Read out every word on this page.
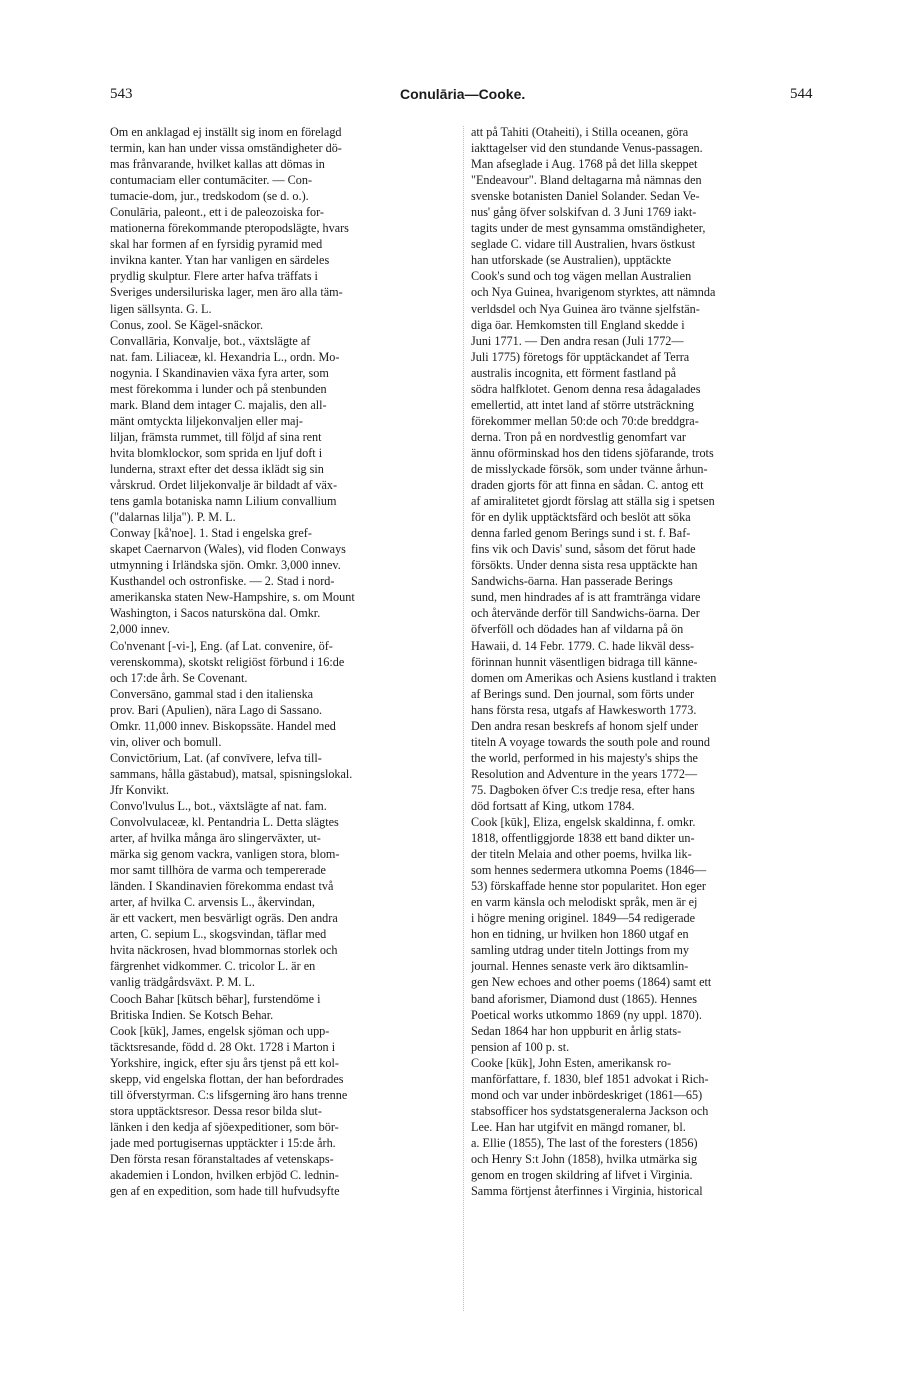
543	Conulāria—Cooke.	544
Om en anklagad ej inställt sig inom en förelagd
termin, kan han under vissa omständigheter dö-
mas frånvarande, hvilket kallas att dömas in
contumaciam eller contumāciter. — Con-
tumacie-dom, jur., tredskodom (se d. o.).
Conulāria, paleont., ett i de paleozoiska for-
mationerna förekommande pteropodslägte, hvars
skal har formen af en fyrsidig pyramid med
invikna kanter. Ytan har vanligen en särdeles
prydlig skulptur. Flere arter hafva träffats i
Sveriges undersiluriska lager, men äro alla täm-
ligen sällsynta. G. L.
Conus, zool. Se Kägel-snäckor.
Convallāria, Konvalje, bot., växtslägte af
nat. fam. Liliaceæ, kl. Hexandria L., ordn. Mo-
nogynia. I Skandinavien växa fyra arter, som
mest förekomma i lunder och på stenbunden
mark. Bland dem intager C. majalis, den all-
mänt omtyckta liljekonvaljen eller maj-
liljan, främsta rummet, till följd af sina rent
hvita blomklockor, som sprida en ljuf doft i
lunderna, straxt efter det dessa iklädt sig sin
vårskrud. Ordet liljekonvalje är bildadt af väx-
tens gamla botaniska namn Lilium convallium
("dalarnas lilja"). P. M. L.
Conway [kå'noe]. 1. Stad i engelska gref-
skapet Caernarvon (Wales), vid floden Conways
utmynning i Irländska sjön. Omkr. 3,000 innev.
Kusthandel och ostronfiske. — 2. Stad i nord-
amerikanska staten New-Hampshire, s. om Mount
Washington, i Sacos natursköna dal. Omkr.
2,000 innev.
Co'nvenant [-vi-], Eng. (af Lat. convenire, öf-
verenskomma), skotskt religiöst förbund i 16:de
och 17:de årh. Se Covenant.
Conversāno, gammal stad i den italienska
prov. Bari (Apulien), nära Lago di Sassano.
Omkr. 11,000 innev. Biskopssäte. Handel med
vin, oliver och bomull.
Convictōrium, Lat. (af convīvere, lefva till-
sammans, hålla gästabud), matsal, spisningslokal.
Jfr Konvikt.
Convo'lvulus L., bot., växtslägte af nat. fam.
Convolvulaceæ, kl. Pentandria L. Detta slägtes
arter, af hvilka många äro slingerväxter, ut-
märka sig genom vackra, vanligen stora, blom-
mor samt tillhöra de varma och tempererade
länden. I Skandinavien förekomma endast två
arter, af hvilka C. arvensis L., åkervindan,
är ett vackert, men besvärligt ogräs. Den andra
arten, C. sepium L., skogsvindan, täflar med
hvita näckrosen, hvad blommornas storlek och
färgrenhet vidkommer. C. tricolor L. är en
vanlig trädgårdsväxt. P. M. L.
Cooch Bahar [kūtsch bēhar], furstendöme i
Britiska Indien. Se Kotsch Behar.
Cook [kūk], James, engelsk sjöman och upp-
täcktsresande, född d. 28 Okt. 1728 i Marton i
Yorkshire, ingick, efter sju års tjenst på ett kol-
skepp, vid engelska flottan, der han befordrades
till öfverstyrman. C:s lifsgerning äro hans trenne
stora upptäcktsresor. Dessa resor bilda slut-
länken i den kedja af sjöexpeditioner, som bör-
jade med portugisernas upptäckter i 15:de årh.
Den första resan föranstaltades af vetenskaps-
akademien i London, hvilken erbjöd C. lednin-
gen af en expedition, som hade till hufvudsyfte
att på Tahiti (Otaheiti), i Stilla oceanen, göra
iakttagelser vid den stundande Venus-passagen.
Man afseglade i Aug. 1768 på det lilla skeppet
"Endeavour". Bland deltagarna må nämnas den
svenske botanisten Daniel Solander. Sedan Ve-
nus' gång öfver solskifvan d. 3 Juni 1769 iakt-
tagits under de mest gynsamma omständigheter,
seglade C. vidare till Australien, hvars östkust
han utforskade (se Australien), upptäckte
Cook's sund och tog vägen mellan Australien
och Nya Guinea, hvarigenom styrktes, att nämnda
verldsdel och Nya Guinea äro tvänne sjelfstän-
diga öar. Hemkomsten till England skedde i
Juni 1771. — Den andra resan (Juli 1772—
Juli 1775) företogs för upptäckandet af Terra
australis incognita, ett förment fastland på
södra halfklotet. Genom denna resa ådagalades
emellertid, att intet land af större utsträckning
förekommer mellan 50:de och 70:de breddgra-
derna. Tron på en nordvestlig genomfart var
ännu oförminskad hos den tidens sjöfarande, trots
de misslyckade försök, som under tvänne århun-
draden gjorts för att finna en sådan. C. antog ett
af amiralitetet gjordt förslag att ställa sig i spetsen
för en dylik upptäcktsfärd och beslöt att söka
denna farled genom Berings sund i st. f. Baf-
fins vik och Davis' sund, såsom det förut hade
försökts. Under denna sista resa upptäckte han
Sandwichs-öarna. Han passerade Berings
sund, men hindrades af is att framtränga vidare
och återvände derför till Sandwichs-öarna. Der
öfverföll och dödades han af vildarna på ön
Hawaii, d. 14 Febr. 1779. C. hade likväl dess-
förinnan hunnit väsentligen bidraga till känne-
domen om Amerikas och Asiens kustland i trakten
af Berings sund. Den journal, som förts under
hans första resa, utgafs af Hawkesworth 1773.
Den andra resan beskrefs af honom sjelf under
titeln A voyage towards the south pole and round
the world, performed in his majesty's ships the
Resolution and Adventure in the years 1772—
75. Dagboken öfver C:s tredje resa, efter hans
död fortsatt af King, utkom 1784.
Cook [kūk], Eliza, engelsk skaldinna, f. omkr.
1818, offentliggjorde 1838 ett band dikter un-
der titeln Melaia and other poems, hvilka lik-
som hennes sedermera utkomna Poems (1846—
53) förskaffade henne stor popularitet. Hon eger
en varm känsla och melodiskt språk, men är ej
i högre mening originel. 1849—54 redigerade
hon en tidning, ur hvilken hon 1860 utgaf en
samling utdrag under titeln Jottings from my
journal. Hennes senaste verk äro diktsamlin-
gen New echoes and other poems (1864) samt ett
band aforismer, Diamond dust (1865). Hennes
Poetical works utkommo 1869 (ny uppl. 1870).
Sedan 1864 har hon uppburit en årlig stats-
pension af 100 p. st.
Cooke [kūk], John Esten, amerikansk ro-
manförfattare, f. 1830, blef 1851 advokat i Rich-
mond och var under inbördeskriget (1861—65)
stabsofficer hos sydstatsgeneralerna Jackson och
Lee. Han har utgifvit en mängd romaner, bl.
a. Ellie (1855), The last of the foresters (1856)
och Henry S:t John (1858), hvilka utmärka sig
genom en trogen skildring af lifvet i Virginia.
Samma förtjenst återfinnes i Virginia, historical
